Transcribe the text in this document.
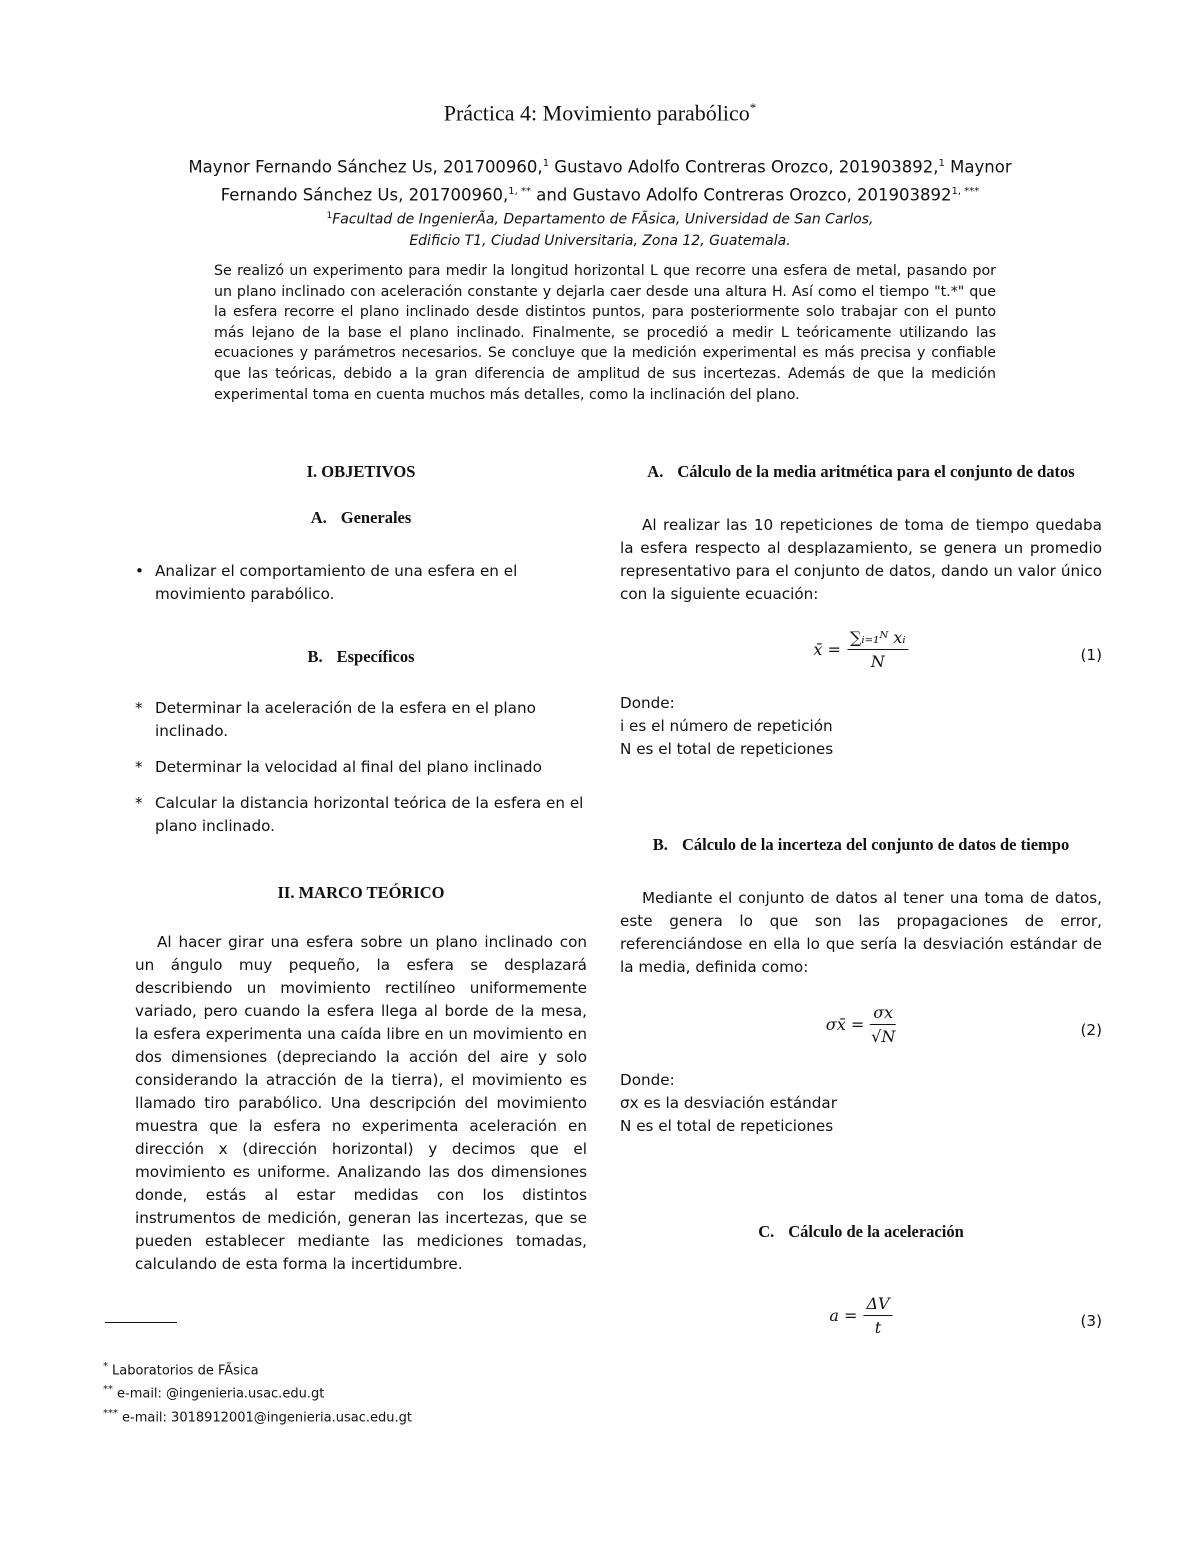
Práctica 4: Movimiento parabólico*
Maynor Fernando Sánchez Us, 201700960,$^1$ Gustavo Adolfo Contreras Orozco, 201903892,$^1$ Maynor Fernando Sánchez Us, 201700960,$^{1, **}$ and Gustavo Adolfo Contreras Orozco, $201903892^{1, ***}$
$^1$Facultad de IngenierÃa, Departamento de FÃsica, Universidad de San Carlos,
Edificio T1, Ciudad Universitaria, Zona 12, Guatemala.
Se realizó un experimento para medir la longitud horizontal L que recorre una esfera de metal, pasando por un plano inclinado con aceleración constante y dejarla caer desde una altura H. Así como el tiempo "t.*" que la esfera recorre el plano inclinado desde distintos puntos, para posteriormente solo trabajar con el punto más lejano de la base el plano inclinado. Finalmente, se procedió a medir L teóricamente utilizando las ecuaciones y parámetros necesarios. Se concluye que la medición experimental es más precisa y confiable que las teóricas, debido a la gran diferencia de amplitud de sus incertezas. Además de que la medición experimental toma en cuenta muchos más detalles, como la inclinación del plano.
I. OBJETIVOS
A. Generales
• Analizar el comportamiento de una esfera en el movimiento parabólico.
B. Específicos
* Determinar la aceleración de la esfera en el plano inclinado.
* Determinar la velocidad al final del plano inclinado
* Calcular la distancia horizontal teórica de la esfera en el plano inclinado.
II. MARCO TEÓRICO
Al hacer girar una esfera sobre un plano inclinado con un ángulo muy pequeño, la esfera se desplazará describiendo un movimiento rectilíneo uniformemente variado, pero cuando la esfera llega al borde de la mesa, la esfera experimenta una caída libre en un movimiento en dos dimensiones (depreciando la acción del aire y solo considerando la atracción de la tierra), el movimiento es llamado tiro parabólico. Una descripción del movimiento muestra que la esfera no experimenta aceleración en dirección x (dirección horizontal) y decimos que el movimiento es uniforme. Analizando las dos dimensiones donde, estás al estar medidas con los distintos instrumentos de medición, generan las incertezas, que se pueden establecer mediante las mediciones tomadas, calculando de esta forma la incertidumbre.
A. Cálculo de la media aritmética para el conjunto de datos
Al realizar las 10 repeticiones de toma de tiempo quedaba la esfera respecto al desplazamiento, se genera un promedio representativo para el conjunto de datos, dando un valor único con la siguiente ecuación:
x̄ = $\frac{\text{∑ᵢ₌₁ᴺ xᵢ}}{N}$	(1)
Donde:
i es el número de repetición
N es el total de repeticiones
B. Cálculo de la incerteza del conjunto de datos de tiempo
Mediante el conjunto de datos al tener una toma de datos, este genera lo que son las propagaciones de error, referenciándose en ella lo que sería la desviación estándar de la media, definida como:
σx̄ = $\frac{\sigma x}{√N}$	(2)
Donde:
σx es la desviación estándar
N es el total de repeticiones
C. Cálculo de la aceleración
$a = \frac{\Delta V}{t}$	(3)
* Laboratorios de FÃsica
** e-mail: @ingenieria.usac.edu.gt
*** e-mail: 3018912001@ingenieria.usac.edu.gt
